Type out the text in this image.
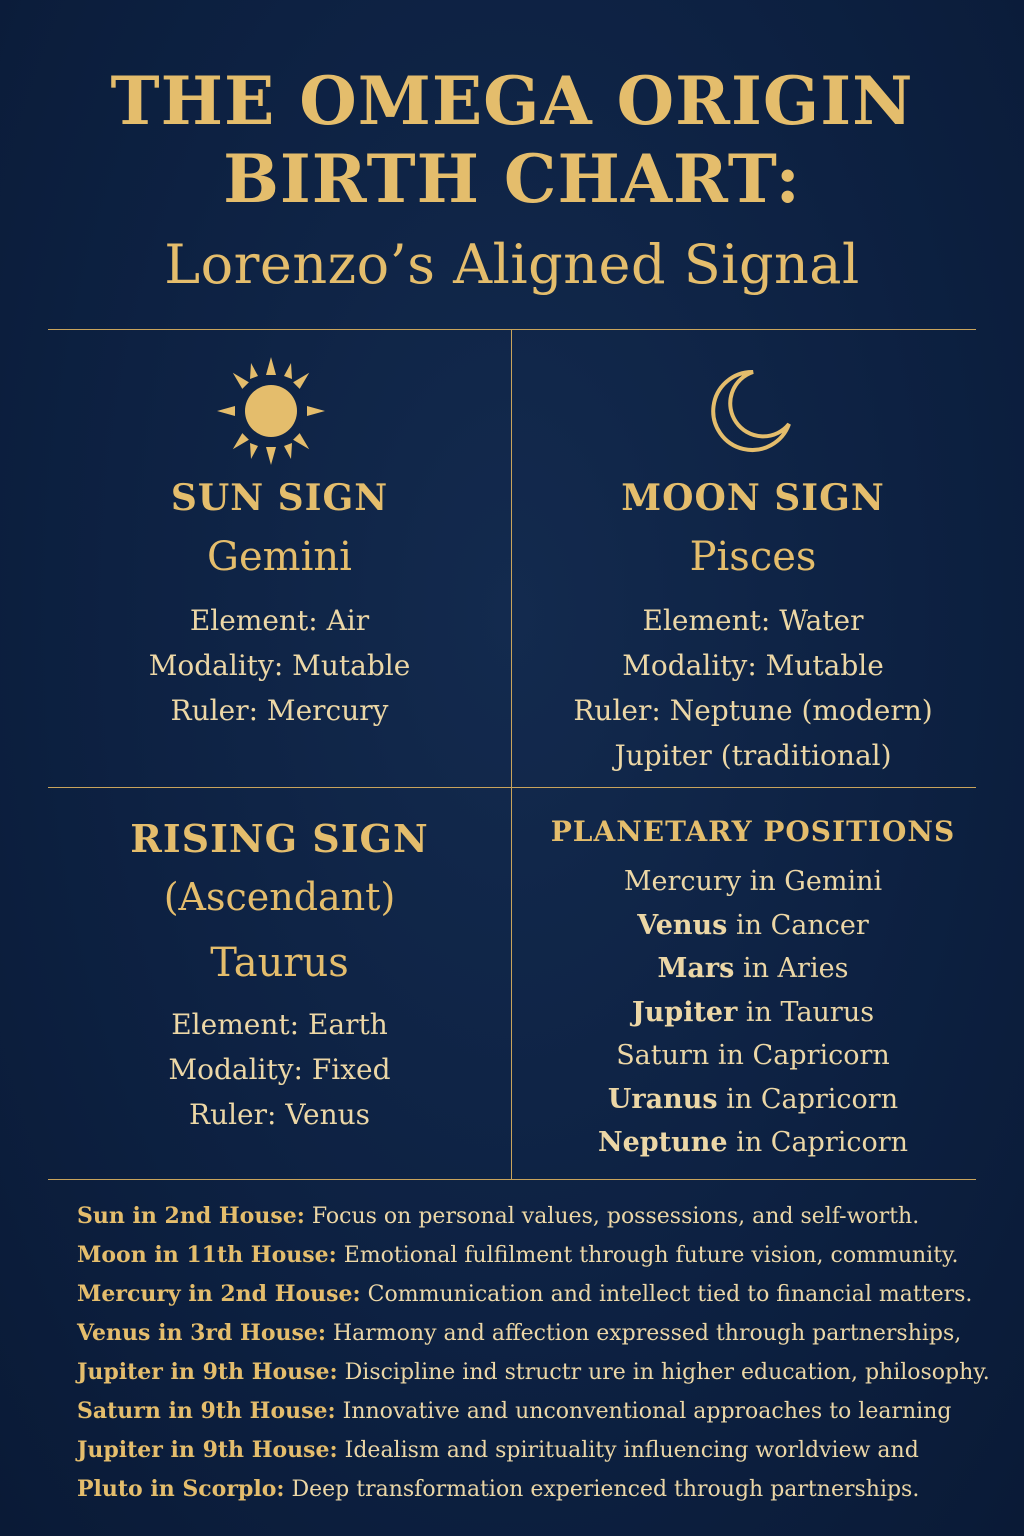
THE OMEGA ORIGIN
BIRTH CHART:
Lorenzo’s Aligned Signal
SUN SIGN
Gemini
Element: Air
Modality: Mutable
Ruler: Mercury
MOON SIGN
Pisces
Element: Water
Modality: Mutable
Ruler: Neptune (modern)
Jupiter (traditional)
RISING SIGN
(Ascendant)
Taurus
Element: Earth
Modality: Fixed
Ruler: Venus
PLANETARY POSITIONS
Mercury in Gemini
Venus in Cancer
Mars in Aries
Jupiter in Taurus
Saturn in Capricorn
Uranus in Capricorn
Neptune in Capricorn
Sun in 2nd House: Focus on personal values, possessions, and self-worth.
Moon in 11th House: Emotional fulfilment through future vision, community.
Mercury in 2nd House: Communication and intellect tied to financial matters.
Venus in 3rd House: Harmony and affection expressed through partnerships,
Jupiter in 9th House: Discipline ind structr ure in higher education, philosophy.
Saturn in 9th House: Innovative and unconventional approaches to learning
Jupiter in 9th House: Idealism and spirituality influencing worldview and
Pluto in Scorplo: Deep transformation experienced through partnerships.
